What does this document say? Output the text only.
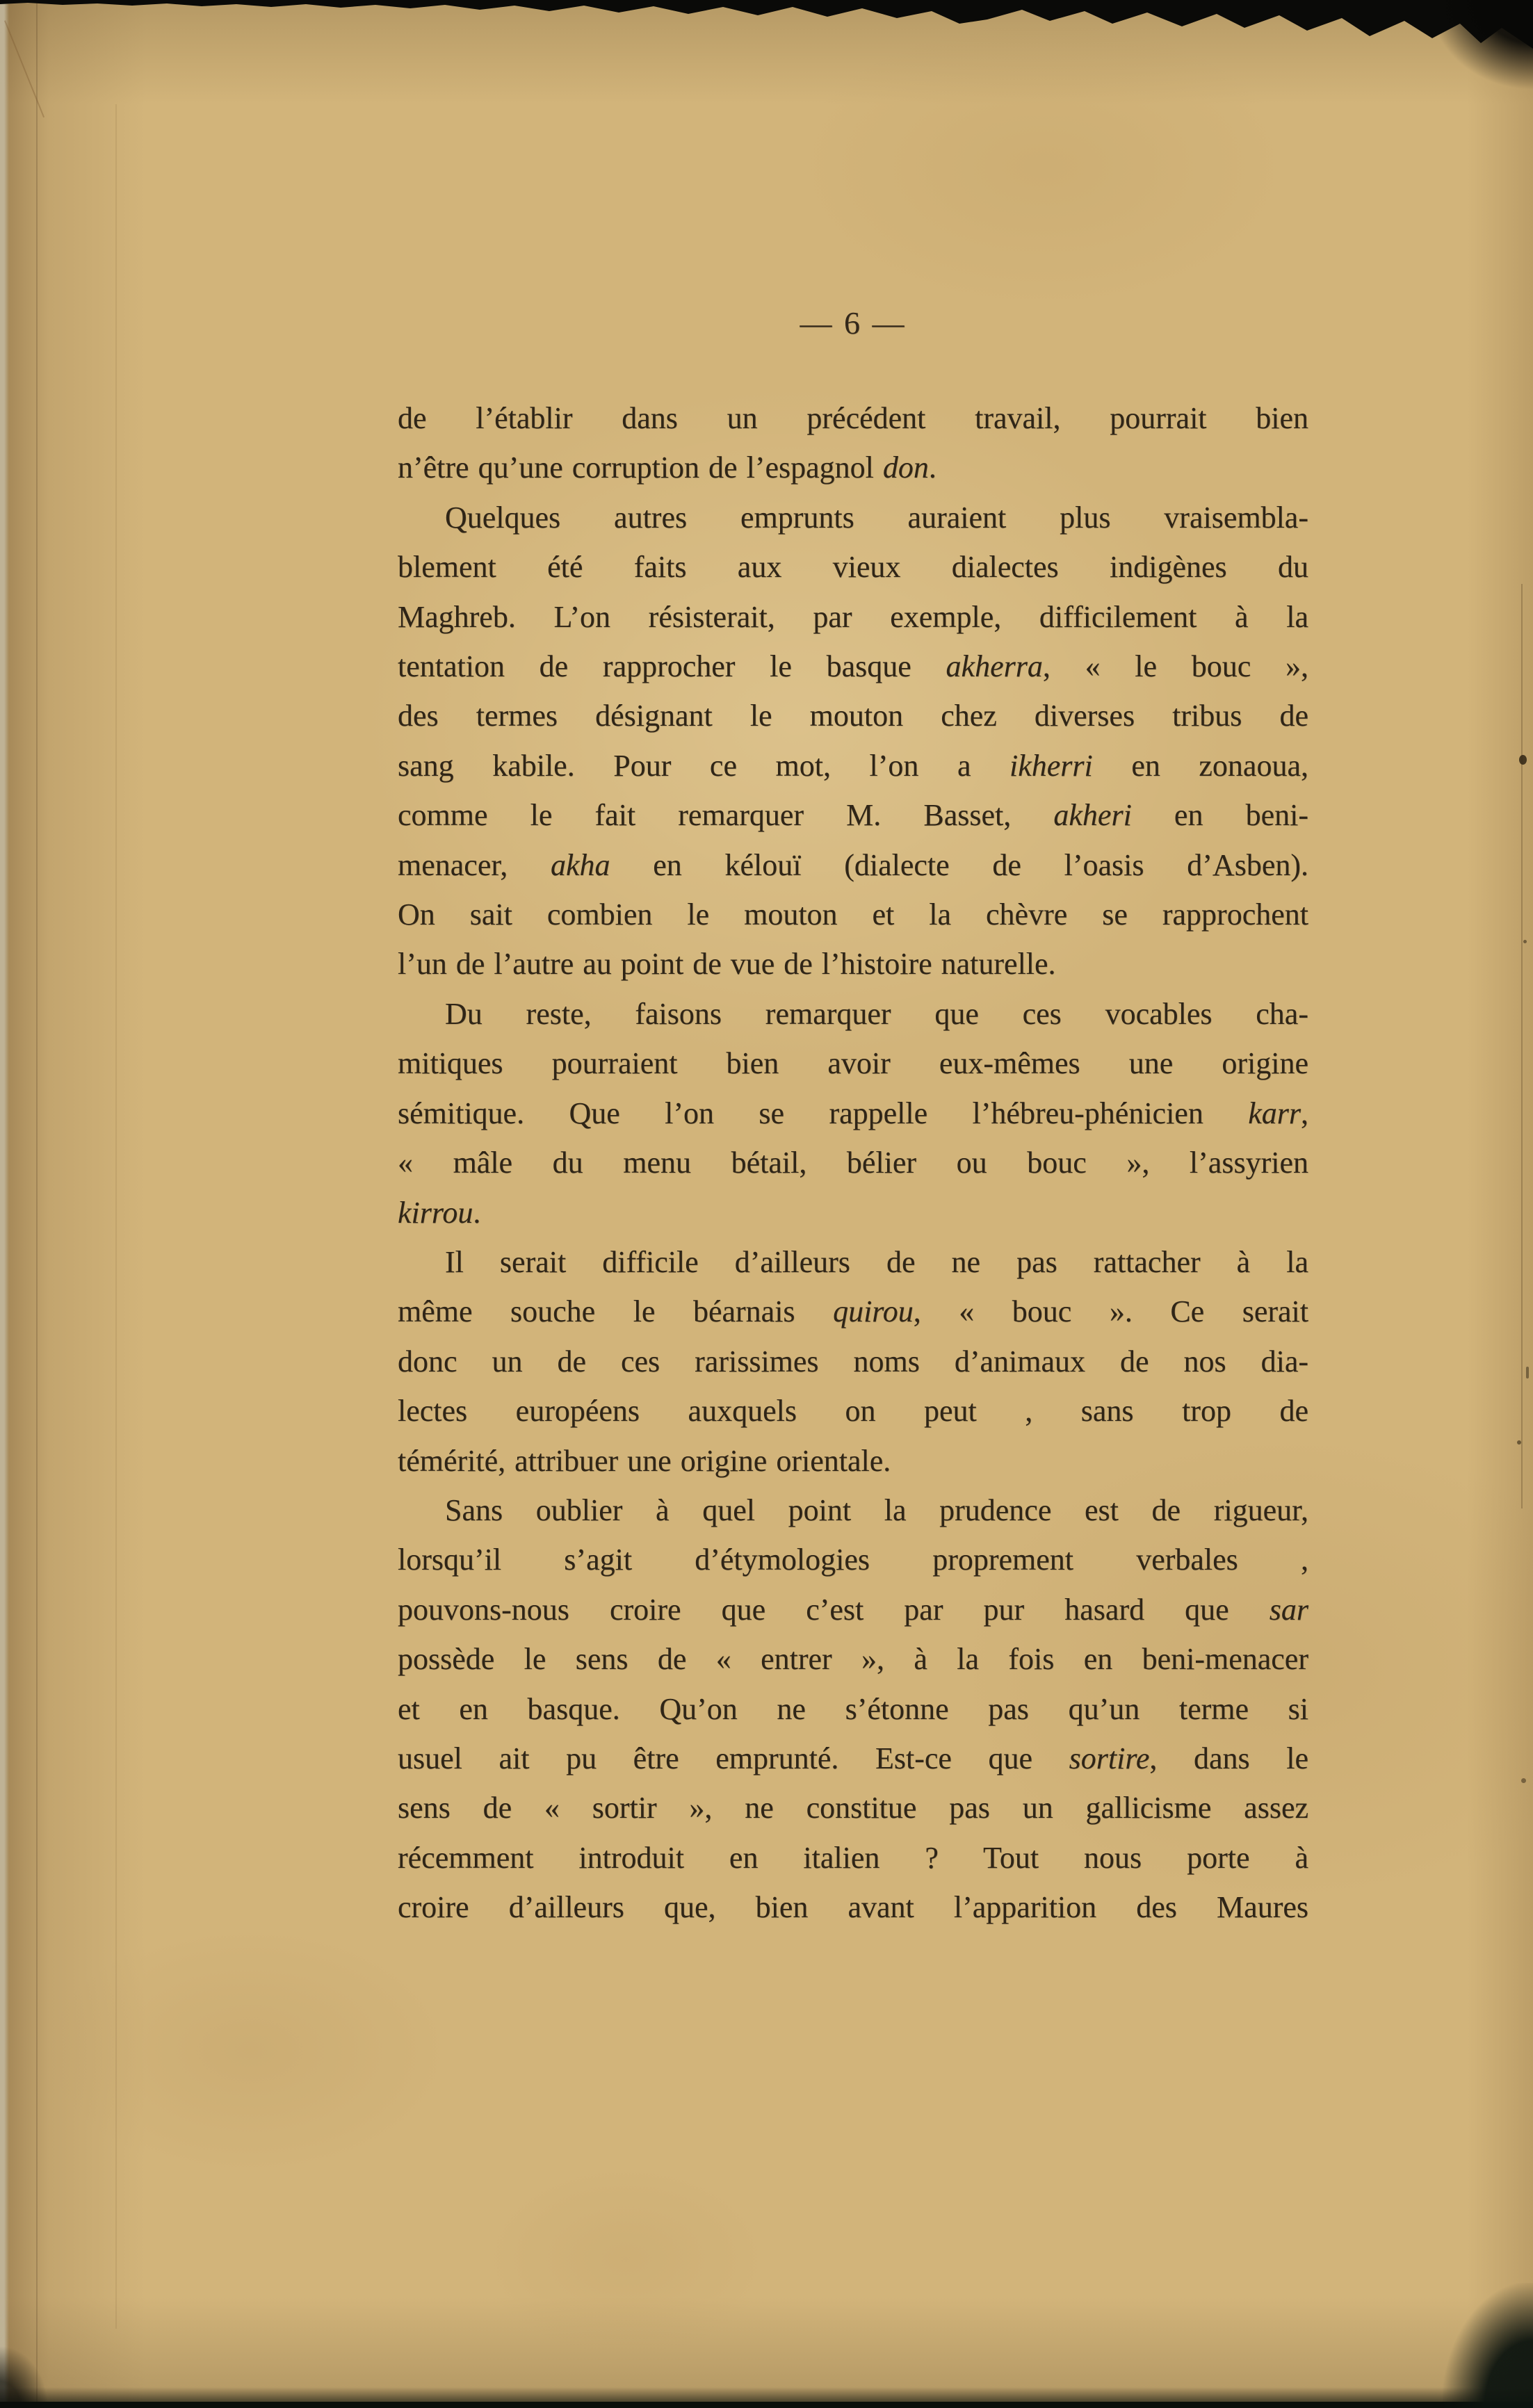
— 6 —
de l’établir dans un précédent travail, pourrait bien
n’être qu’une corruption de l’espagnol don.
Quelques autres emprunts auraient plus vraisembla-
blement été faits aux vieux dialectes indigènes du
Maghreb. L’on résisterait, par exemple, difficilement à la
tentation de rapprocher le basque akherra, « le bouc »,
des termes désignant le mouton chez diverses tribus de
sang kabile. Pour ce mot, l’on a ikherri en zonaoua,
comme le fait remarquer M. Basset, akheri en beni-
menacer, akha en kélouï (dialecte de l’oasis d’Asben).
On sait combien le mouton et la chèvre se rapprochent
l’un de l’autre au point de vue de l’histoire naturelle.
Du reste, faisons remarquer que ces vocables cha-
mitiques pourraient bien avoir eux-mêmes une origine
sémitique. Que l’on se rappelle l’hébreu-phénicien karr,
« mâle du menu bétail, bélier ou bouc », l’assyrien
kirrou.
Il serait difficile d’ailleurs de ne pas rattacher à la
même souche le béarnais quirou, « bouc ». Ce serait
donc un de ces rarissimes noms d’animaux de nos dia-
lectes européens auxquels on peut , sans trop de
témérité, attribuer une origine orientale.
Sans oublier à quel point la prudence est de rigueur,
lorsqu’il s’agit d’étymologies proprement verbales ,
pouvons-nous croire que c’est par pur hasard que sar
possède le sens de « entrer », à la fois en beni-menacer
et en basque. Qu’on ne s’étonne pas qu’un terme si
usuel ait pu être emprunté. Est-ce que sortire, dans le
sens de « sortir », ne constitue pas un gallicisme assez
récemment introduit en italien ? Tout nous porte à
croire d’ailleurs que, bien avant l’apparition des Maures
